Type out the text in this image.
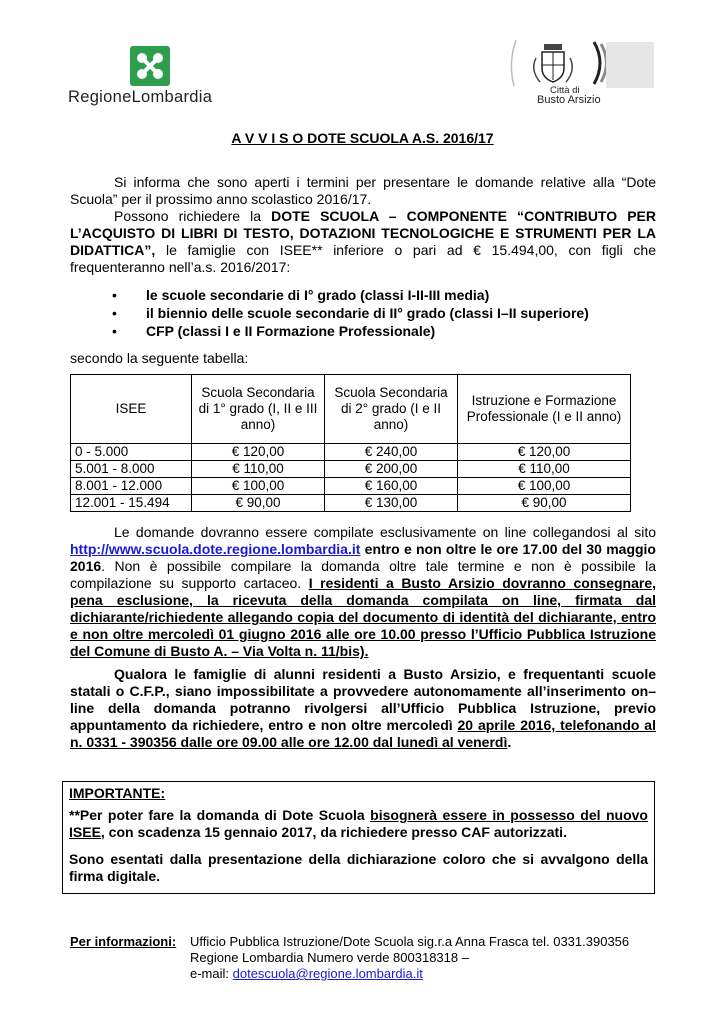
RegioneLombardia	Città di
Busto Arsizio
A V V I S O DOTE SCUOLA A.S. 2016/17
Si informa che sono aperti i termini per presentare le domande relative alla “Dote Scuola” per il prossimo anno scolastico 2016/17.
Possono richiedere la DOTE SCUOLA – COMPONENTE “CONTRIBUTO PER L’ACQUISTO DI LIBRI DI TESTO, DOTAZIONI TECNOLOGICHE E STRUMENTI PER LA DIDATTICA”, le famiglie con ISEE** inferiore o pari ad € 15.494,00, con figli che frequenteranno nell’a.s. 2016/2017:
• le scuole secondarie di I° grado (classi I-II-III media)
• il biennio delle scuole secondarie di II° grado (classi I–II superiore)
• CFP (classi I e II Formazione Professionale)
secondo la seguente tabella:
ISEE	Scuola Secondaria di 1° grado (I, II e III anno)	Scuola Secondaria di 2° grado (I e II anno)	Istruzione e Formazione Professionale (I e II anno)
0 - 5.000	€ 120,00	€ 240,00	€ 120,00
5.001 - 8.000	€ 110,00	€ 200,00	€ 110,00
8.001 - 12.000	€ 100,00	€ 160,00	€ 100,00
12.001 - 15.494	€ 90,00	€ 130,00	€ 90,00
Le domande dovranno essere compilate esclusivamente on line collegandosi al sito http://www.scuola.dote.regione.lombardia.it entro e non oltre le ore 17.00 del 30 maggio 2016. Non è possibile compilare la domanda oltre tale termine e non è possibile la compilazione su supporto cartaceo. I residenti a Busto Arsizio dovranno consegnare, pena esclusione, la ricevuta della domanda compilata on line, firmata dal dichiarante/richiedente allegando copia del documento di identità del dichiarante, entro e non oltre mercoledì 01 giugno 2016 alle ore 10.00 presso l’Ufficio Pubblica Istruzione del Comune di Busto A. – Via Volta n. 11/bis).
Qualora le famiglie di alunni residenti a Busto Arsizio, e frequentanti scuole statali o C.F.P., siano impossibilitate a provvedere autonomamente all’inserimento on–line della domanda potranno rivolgersi all’Ufficio Pubblica Istruzione, previo appuntamento da richiedere, entro e non oltre mercoledì 20 aprile 2016, telefonando al n. 0331 - 390356 dalle ore 09.00 alle ore 12.00 dal lunedì al venerdì.

IMPORTANTE:

**Per poter fare la domanda di Dote Scuola bisognerà essere in possesso del nuovo ISEE, con scadenza 15 gennaio 2017, da richiedere presso CAF autorizzati.

Sono esentati dalla presentazione della dichiarazione coloro che si avvalgono della firma digitale.

Per informazioni: Ufficio Pubblica Istruzione/Dote Scuola sig.r.a Anna Frasca tel. 0331.390356
Regione Lombardia Numero verde 800318318 –
e-mail: dotescuola@regione.lombardia.it
